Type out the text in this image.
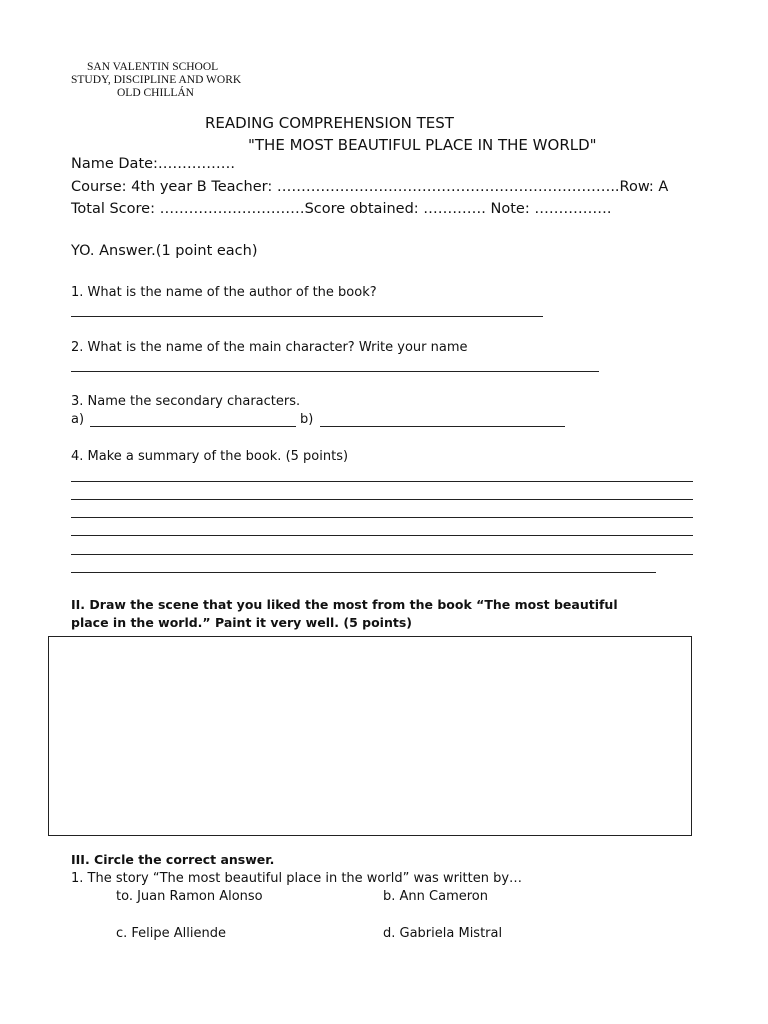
SAN VALENTIN SCHOOL
STUDY, DISCIPLINE AND WORK
OLD CHILLÁN
READING COMPREHENSION TEST
"THE MOST BEAUTIFUL PLACE IN THE WORLD"
Name Date:…………….
Course: 4th year B Teacher: ……………………………………………………………..Row: A
Total Score: …………………………Score obtained: …………. Note: …………….
YO. Answer.(1 point each)
1. What is the name of the author of the book?
2. What is the name of the main character? Write your name
3. Name the secondary characters.
a)	b)
4. Make a summary of the book. (5 points)
II. Draw the scene that you liked the most from the book “The most beautiful
place in the world.” Paint it very well. (5 points)
III. Circle the correct answer.
1. The story “The most beautiful place in the world” was written by…
to. Juan Ramon Alonso	b. Ann Cameron
c. Felipe Alliende	d. Gabriela Mistral
